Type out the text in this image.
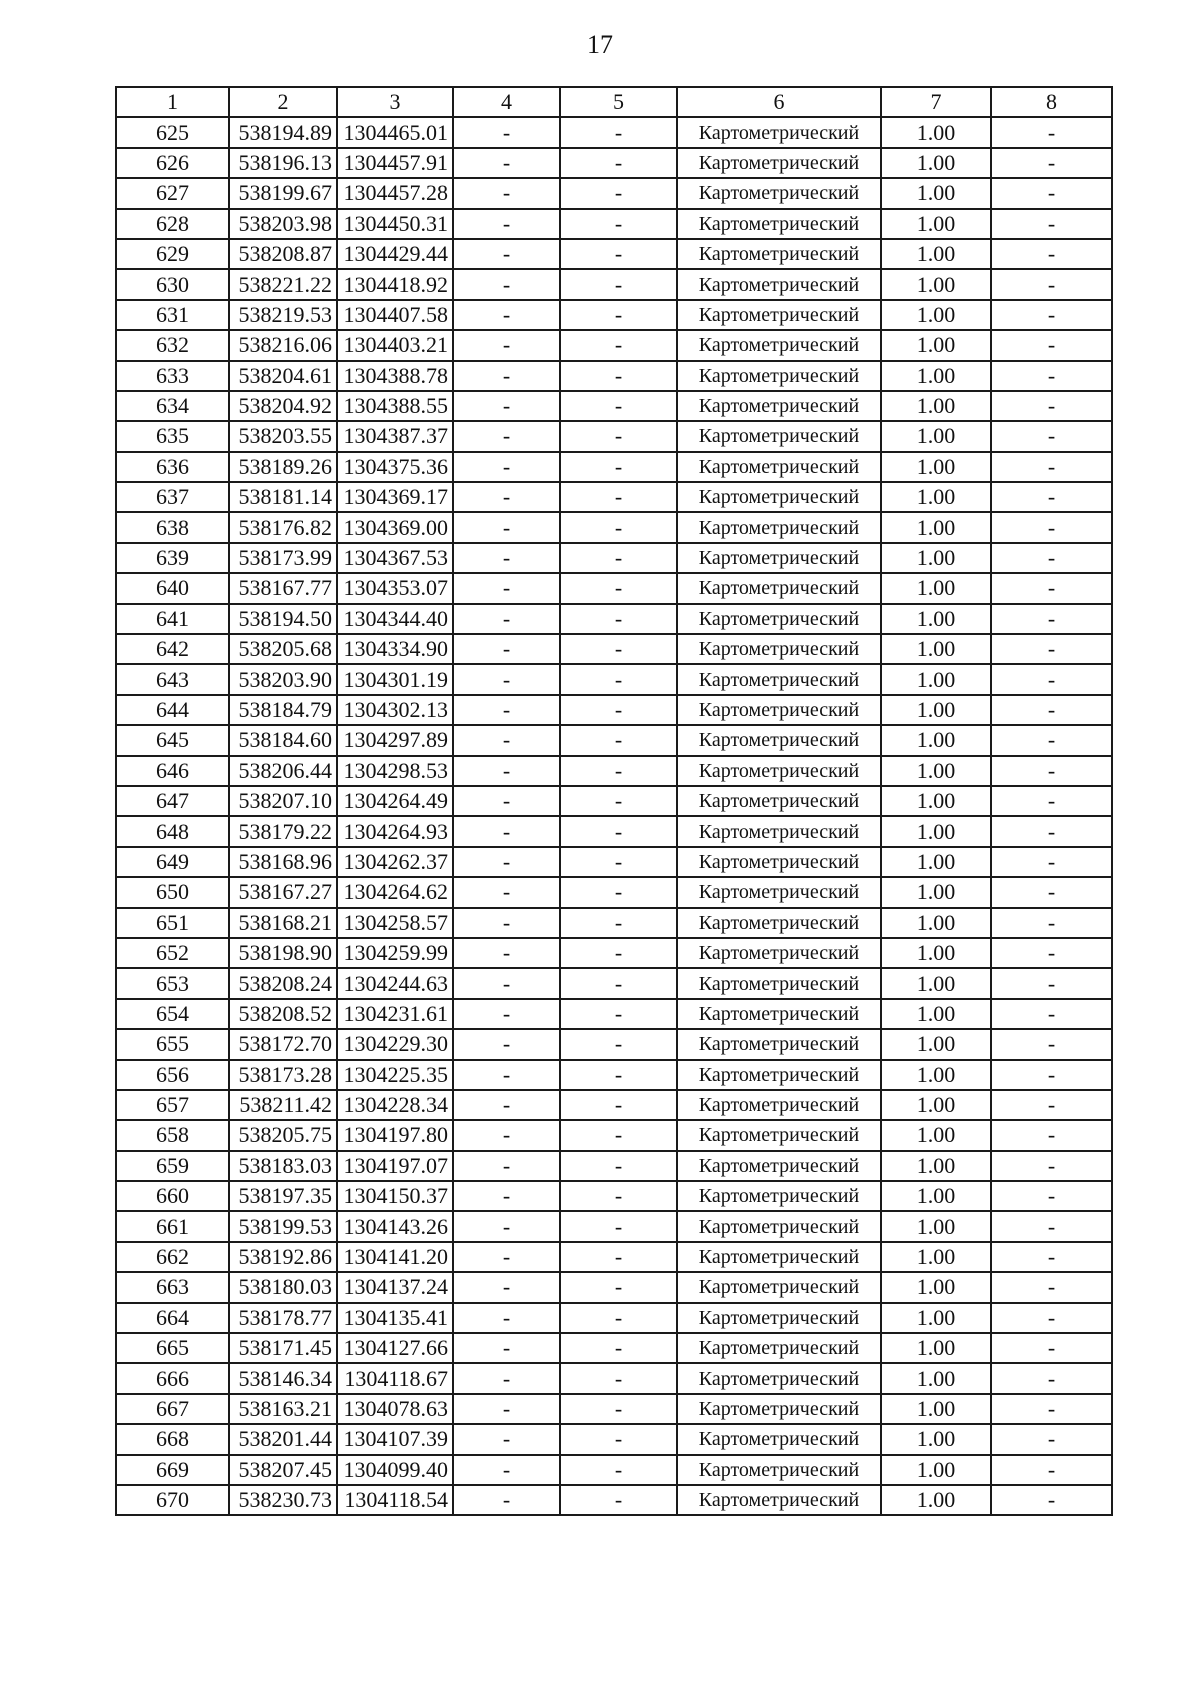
17
1	2	3	4	5	6	7	8
625	538194.89	1304465.01	-	-	Картометрический	1.00	-
626	538196.13	1304457.91	-	-	Картометрический	1.00	-
627	538199.67	1304457.28	-	-	Картометрический	1.00	-
628	538203.98	1304450.31	-	-	Картометрический	1.00	-
629	538208.87	1304429.44	-	-	Картометрический	1.00	-
630	538221.22	1304418.92	-	-	Картометрический	1.00	-
631	538219.53	1304407.58	-	-	Картометрический	1.00	-
632	538216.06	1304403.21	-	-	Картометрический	1.00	-
633	538204.61	1304388.78	-	-	Картометрический	1.00	-
634	538204.92	1304388.55	-	-	Картометрический	1.00	-
635	538203.55	1304387.37	-	-	Картометрический	1.00	-
636	538189.26	1304375.36	-	-	Картометрический	1.00	-
637	538181.14	1304369.17	-	-	Картометрический	1.00	-
638	538176.82	1304369.00	-	-	Картометрический	1.00	-
639	538173.99	1304367.53	-	-	Картометрический	1.00	-
640	538167.77	1304353.07	-	-	Картометрический	1.00	-
641	538194.50	1304344.40	-	-	Картометрический	1.00	-
642	538205.68	1304334.90	-	-	Картометрический	1.00	-
643	538203.90	1304301.19	-	-	Картометрический	1.00	-
644	538184.79	1304302.13	-	-	Картометрический	1.00	-
645	538184.60	1304297.89	-	-	Картометрический	1.00	-
646	538206.44	1304298.53	-	-	Картометрический	1.00	-
647	538207.10	1304264.49	-	-	Картометрический	1.00	-
648	538179.22	1304264.93	-	-	Картометрический	1.00	-
649	538168.96	1304262.37	-	-	Картометрический	1.00	-
650	538167.27	1304264.62	-	-	Картометрический	1.00	-
651	538168.21	1304258.57	-	-	Картометрический	1.00	-
652	538198.90	1304259.99	-	-	Картометрический	1.00	-
653	538208.24	1304244.63	-	-	Картометрический	1.00	-
654	538208.52	1304231.61	-	-	Картометрический	1.00	-
655	538172.70	1304229.30	-	-	Картометрический	1.00	-
656	538173.28	1304225.35	-	-	Картометрический	1.00	-
657	538211.42	1304228.34	-	-	Картометрический	1.00	-
658	538205.75	1304197.80	-	-	Картометрический	1.00	-
659	538183.03	1304197.07	-	-	Картометрический	1.00	-
660	538197.35	1304150.37	-	-	Картометрический	1.00	-
661	538199.53	1304143.26	-	-	Картометрический	1.00	-
662	538192.86	1304141.20	-	-	Картометрический	1.00	-
663	538180.03	1304137.24	-	-	Картометрический	1.00	-
664	538178.77	1304135.41	-	-	Картометрический	1.00	-
665	538171.45	1304127.66	-	-	Картометрический	1.00	-
666	538146.34	1304118.67	-	-	Картометрический	1.00	-
667	538163.21	1304078.63	-	-	Картометрический	1.00	-
668	538201.44	1304107.39	-	-	Картометрический	1.00	-
669	538207.45	1304099.40	-	-	Картометрический	1.00	-
670	538230.73	1304118.54	-	-	Картометрический	1.00	-
